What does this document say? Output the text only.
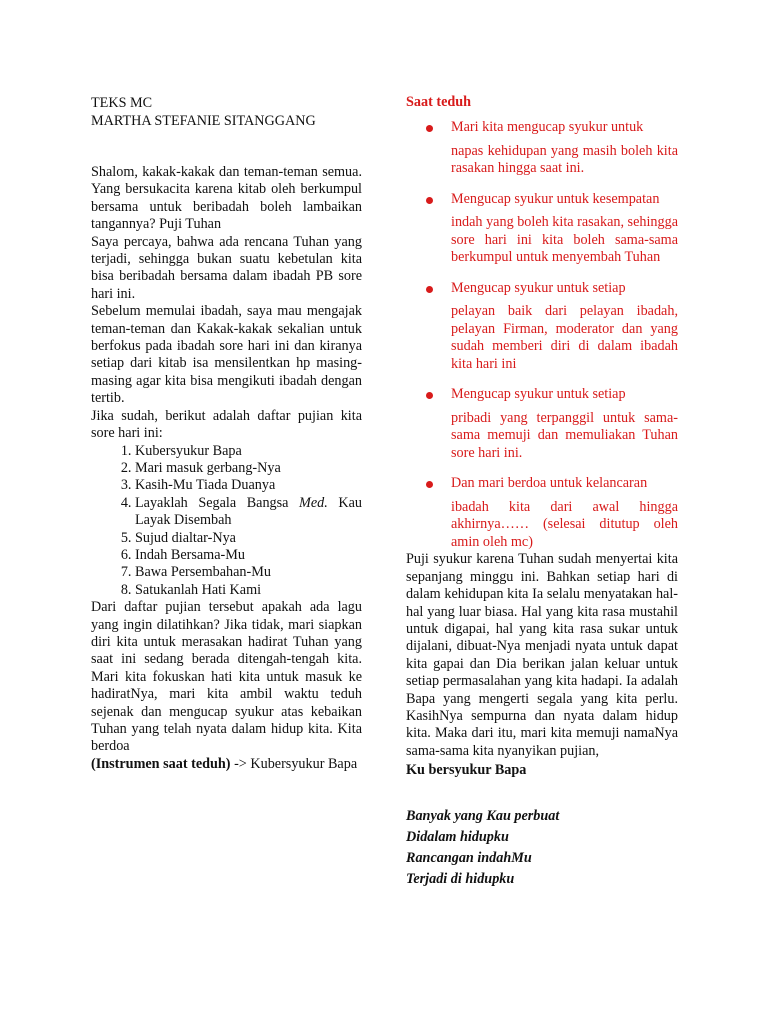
TEKS MC

MARTHA STEFANIE SITANGGANG

Shalom, kakak-kakak dan teman-teman semua. Yang bersukacita karena kitab oleh berkumpul bersama untuk beribadah boleh lambaikan tangannya? Puji Tuhan

Saya percaya, bahwa ada rencana Tuhan yang terjadi, sehingga bukan suatu kebetulan kita bisa beribadah bersama dalam ibadah PB sore hari ini.

Sebelum memulai ibadah, saya mau mengajak teman-teman dan Kakak-kakak sekalian untuk berfokus pada ibadah sore hari ini dan kiranya setiap dari kitab isa mensilentkan hp masing-masing agar kita bisa mengikuti ibadah dengan tertib.

Jika sudah, berikut adalah daftar pujian kita sore hari ini:

1. Kubersyukur Bapa
2. Mari masuk gerbang-Nya
3. Kasih-Mu Tiada Duanya
4. Layaklah Segala Bangsa Med. Kau Layak Disembah
5. Sujud dialtar-Nya
6. Indah Bersama-Mu
7. Bawa Persembahan-Mu
8. Satukanlah Hati Kami

Dari daftar pujian tersebut apakah ada lagu yang ingin dilatihkan? Jika tidak, mari siapkan diri kita untuk merasakan hadirat Tuhan yang saat ini sedang berada ditengah-tengah kita. Mari kita fokuskan hati kita untuk masuk ke hadiratNya, mari kita ambil waktu teduh sejenak dan mengucap syukur atas kebaikan Tuhan yang telah nyata dalam hidup kita. Kita berdoa

(Instrumen saat teduh) -> Kubersyukur Bapa

Saat teduh

Mari kita mengucap syukur untuk
napas kehidupan yang masih boleh kita rasakan hingga saat ini.
Mengucap syukur untuk kesempatan
indah yang boleh kita rasakan, sehingga sore hari ini kita boleh sama-sama berkumpul untuk menyembah Tuhan
Mengucap syukur untuk setiap
pelayan baik dari pelayan ibadah, pelayan Firman, moderator dan yang sudah memberi diri di dalam ibadah kita hari ini
Mengucap syukur untuk setiap
pribadi yang terpanggil untuk sama-sama memuji dan memuliakan Tuhan sore hari ini.
Dan mari berdoa untuk kelancaran
ibadah kita dari awal hingga akhirnya…… (selesai ditutup oleh amin oleh mc)

Puji syukur karena Tuhan sudah menyertai kita sepanjang minggu ini. Bahkan setiap hari di dalam kehidupan kita Ia selalu menyatakan hal-hal yang luar biasa. Hal yang kita rasa mustahil untuk digapai, hal yang kita rasa sukar untuk dijalani, dibuat-Nya menjadi nyata untuk dapat kita gapai dan Dia berikan jalan keluar untuk setiap permasalahan yang kita hadapi. Ia adalah Bapa yang mengerti segala yang kita perlu. KasihNya sempurna dan nyata dalam hidup kita. Maka dari itu, mari kita memuji namaNya sama-sama kita nyanyikan pujian,

Ku bersyukur Bapa

Banyak yang Kau perbuat
Didalam hidupku
Rancangan indahMu
Terjadi di hidupku
